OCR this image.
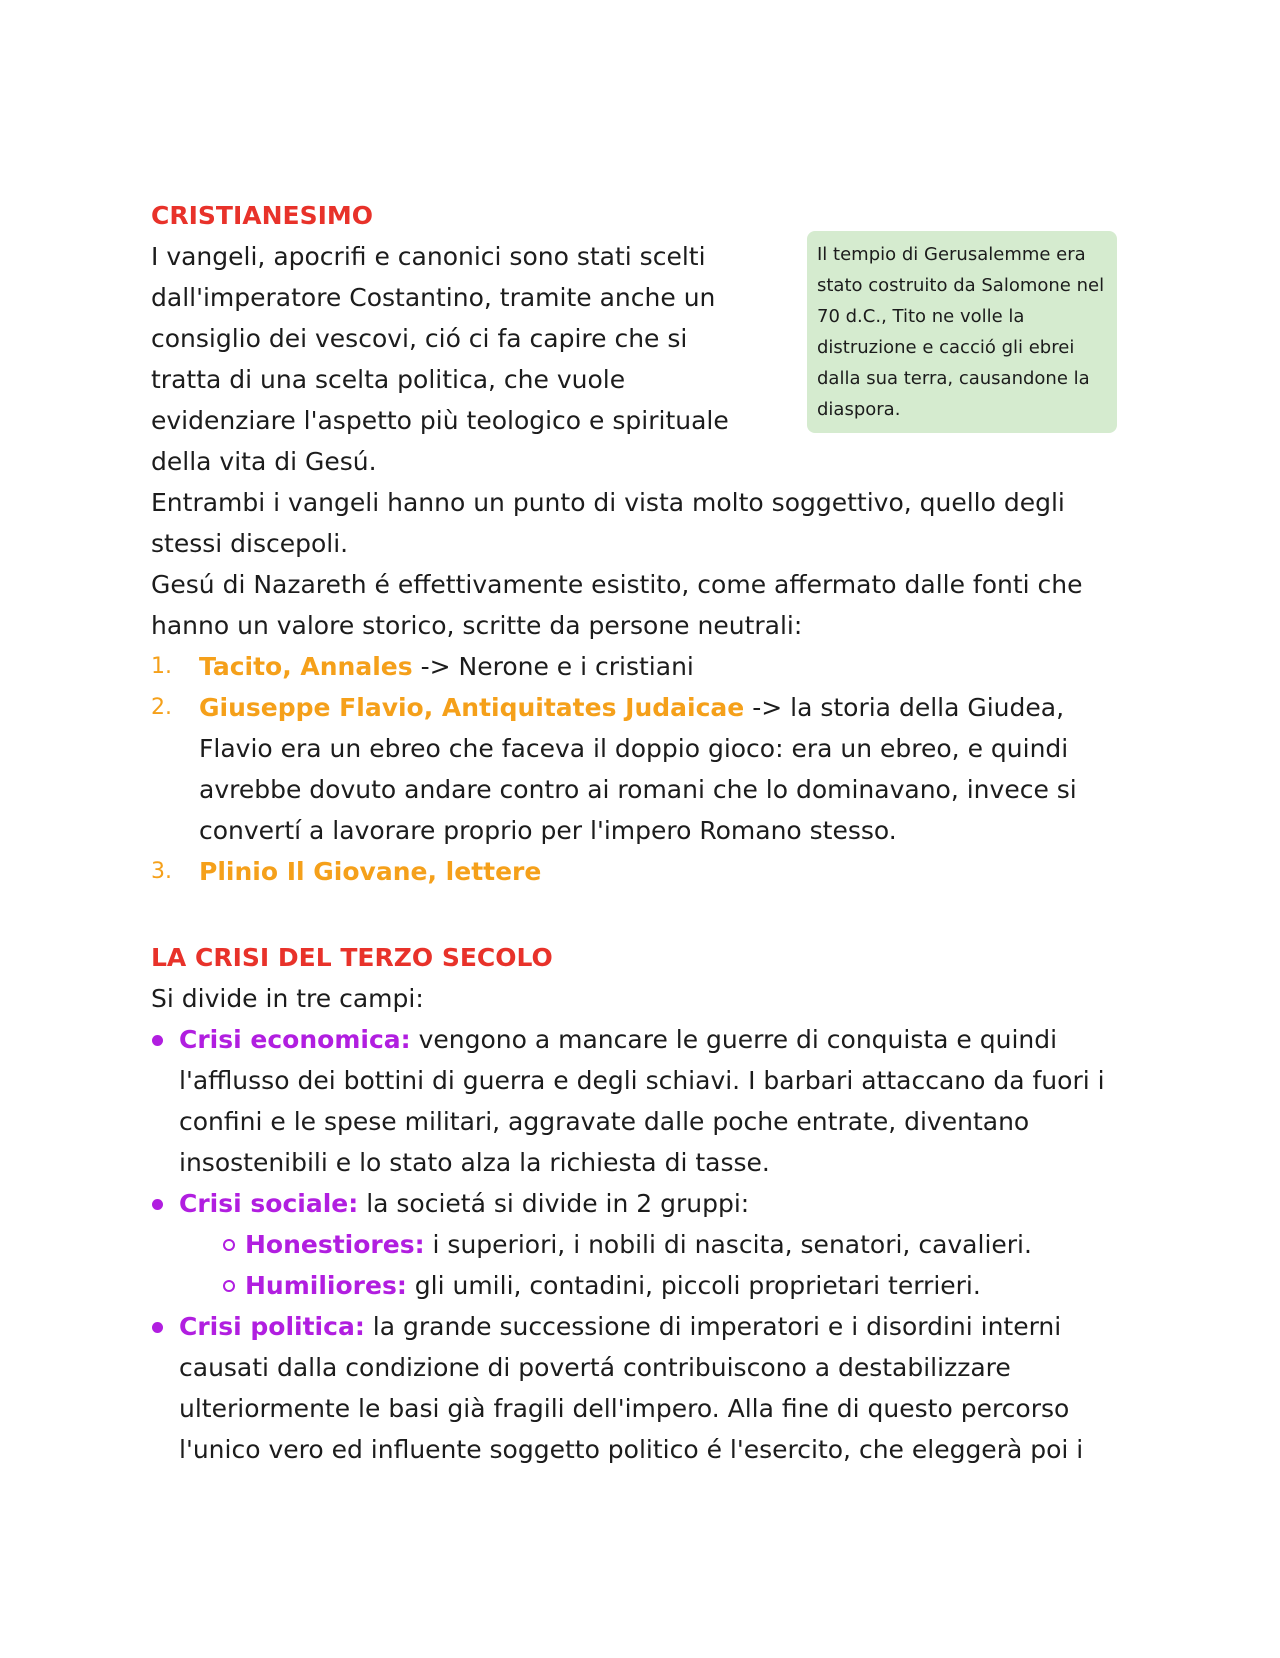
CRISTIANESIMO

I vangeli, apocrifi e canonici sono stati scelti dall'imperatore Costantino, tramite anche un consiglio dei vescovi, ció ci fa capire che si tratta di una scelta politica, che vuole evidenziare l'aspetto più teologico e spirituale della vita di Gesú.

Il tempio di Gerusalemme era stato costruito da Salomone nel 70 d.C., Tito ne volle la distruzione e cacció gli ebrei dalla sua terra, causandone la diaspora.

Entrambi i vangeli hanno un punto di vista molto soggettivo, quello degli stessi discepoli.

Gesú di Nazareth é effettivamente esistito, come affermato dalle fonti che hanno un valore storico, scritte da persone neutrali:

1. Tacito, Annales -> Nerone e i cristiani
2. Giuseppe Flavio, Antiquitates Judaicae -> la storia della Giudea, Flavio era un ebreo che faceva il doppio gioco: era un ebreo, e quindi avrebbe dovuto andare contro ai romani che lo dominavano, invece si convertí a lavorare proprio per l'impero Romano stesso.
3. Plinio Il Giovane, lettere
LA CRISI DEL TERZO SECOLO

Si divide in tre campi:

Crisi economica: vengono a mancare le guerre di conquista e quindi l'afflusso dei bottini di guerra e degli schiavi. I barbari attaccano da fuori i confini e le spese militari, aggravate dalle poche entrate, diventano insostenibili e lo stato alza la richiesta di tasse.
Crisi sociale: la societá si divide in 2 gruppi:
Honestiores: i superiori, i nobili di nascita, senatori, cavalieri.
Humiliores: gli umili, contadini, piccoli proprietari terrieri.
Crisi politica: la grande successione di imperatori e i disordini interni causati dalla condizione di povertá contribuiscono a destabilizzare ulteriormente le basi già fragili dell'impero. Alla fine di questo percorso l'unico vero ed influente soggetto politico é l'esercito, che eleggerà poi i
